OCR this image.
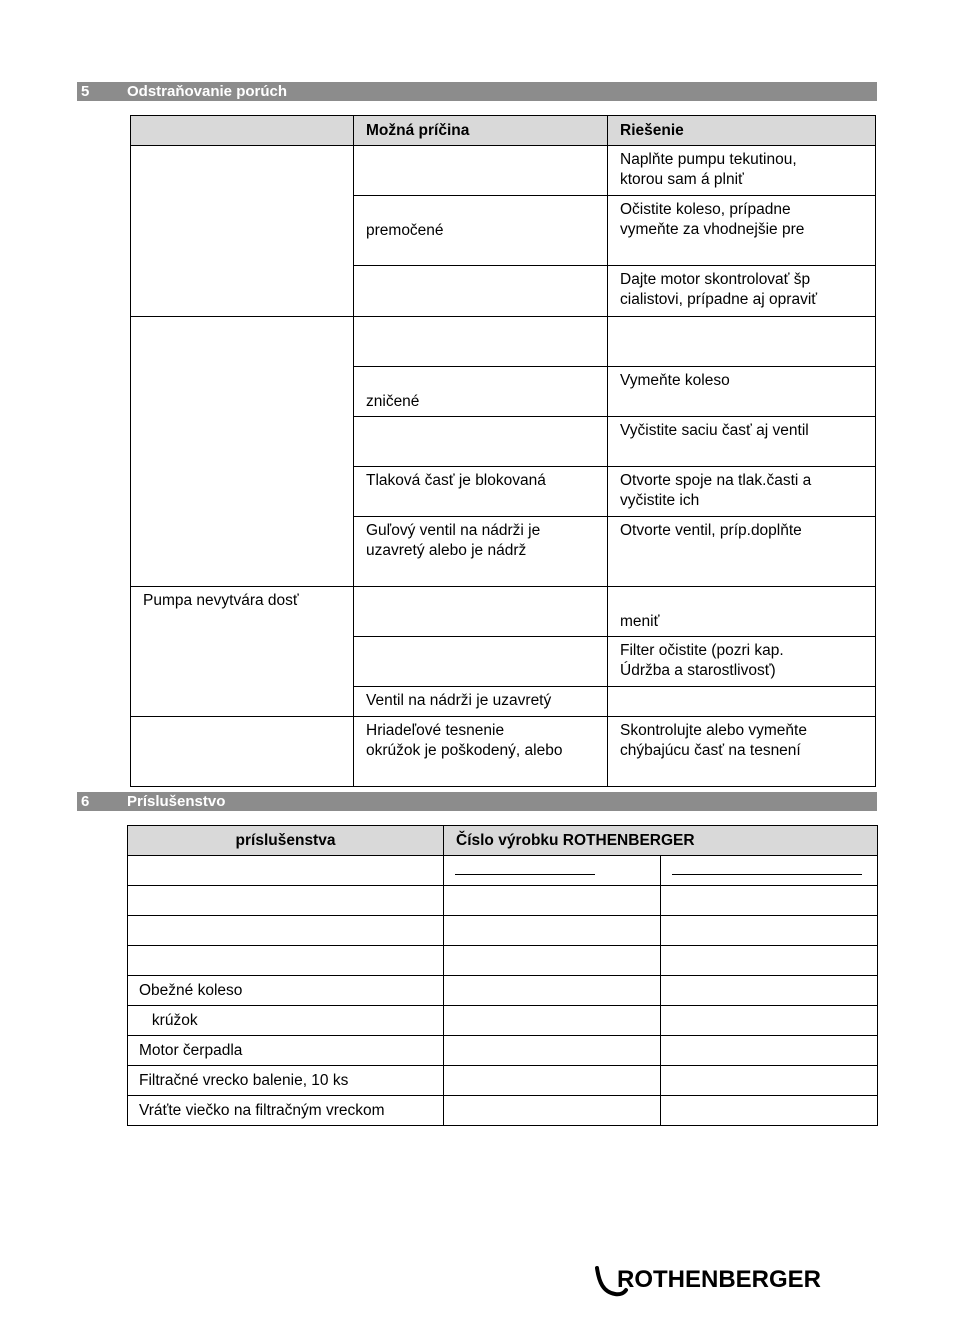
5	Odstraňovanie porúch
	Možná príčina	Riešenie

		Naplňte pumpu tekutinou,
ktorou sam á plniť

	premočené	Očistite koleso, prípadne
vymeňte za vhodnejšie pre

		Dajte motor skontrolovať šp
cialistovi, prípadne aj opraviť

	zničené	Vymeňte koleso

		Vyčistite saciu časť aj ventil

	Tlaková časť je blokovaná	Otvorte spoje na tlak.časti a
vyčistite ich

	Guľový ventil na nádrži je
uzavretý alebo je nádrž	Otvorte ventil, príp.doplňte

Pumpa nevytvára dosť		meniť

		Filter očistite (pozri kap.
Údržba a starostlivosť)

	Ventil na nádrži je uzavretý	

	Hriadeľové tesnenie
okrúžok je poškodený, alebo	Skontrolujte alebo vymeňte
chýbajúcu časť na tesnení
6	Príslušenstvo
príslušenstva	Číslo výrobku ROTHENBERGER	

Obežné koleso		

krúžok		

Motor čerpadla		

Filtračné vrecko balenie, 10 ks		

Vráťte viečko na filtračným vreckom		

ROTHENBERGER
